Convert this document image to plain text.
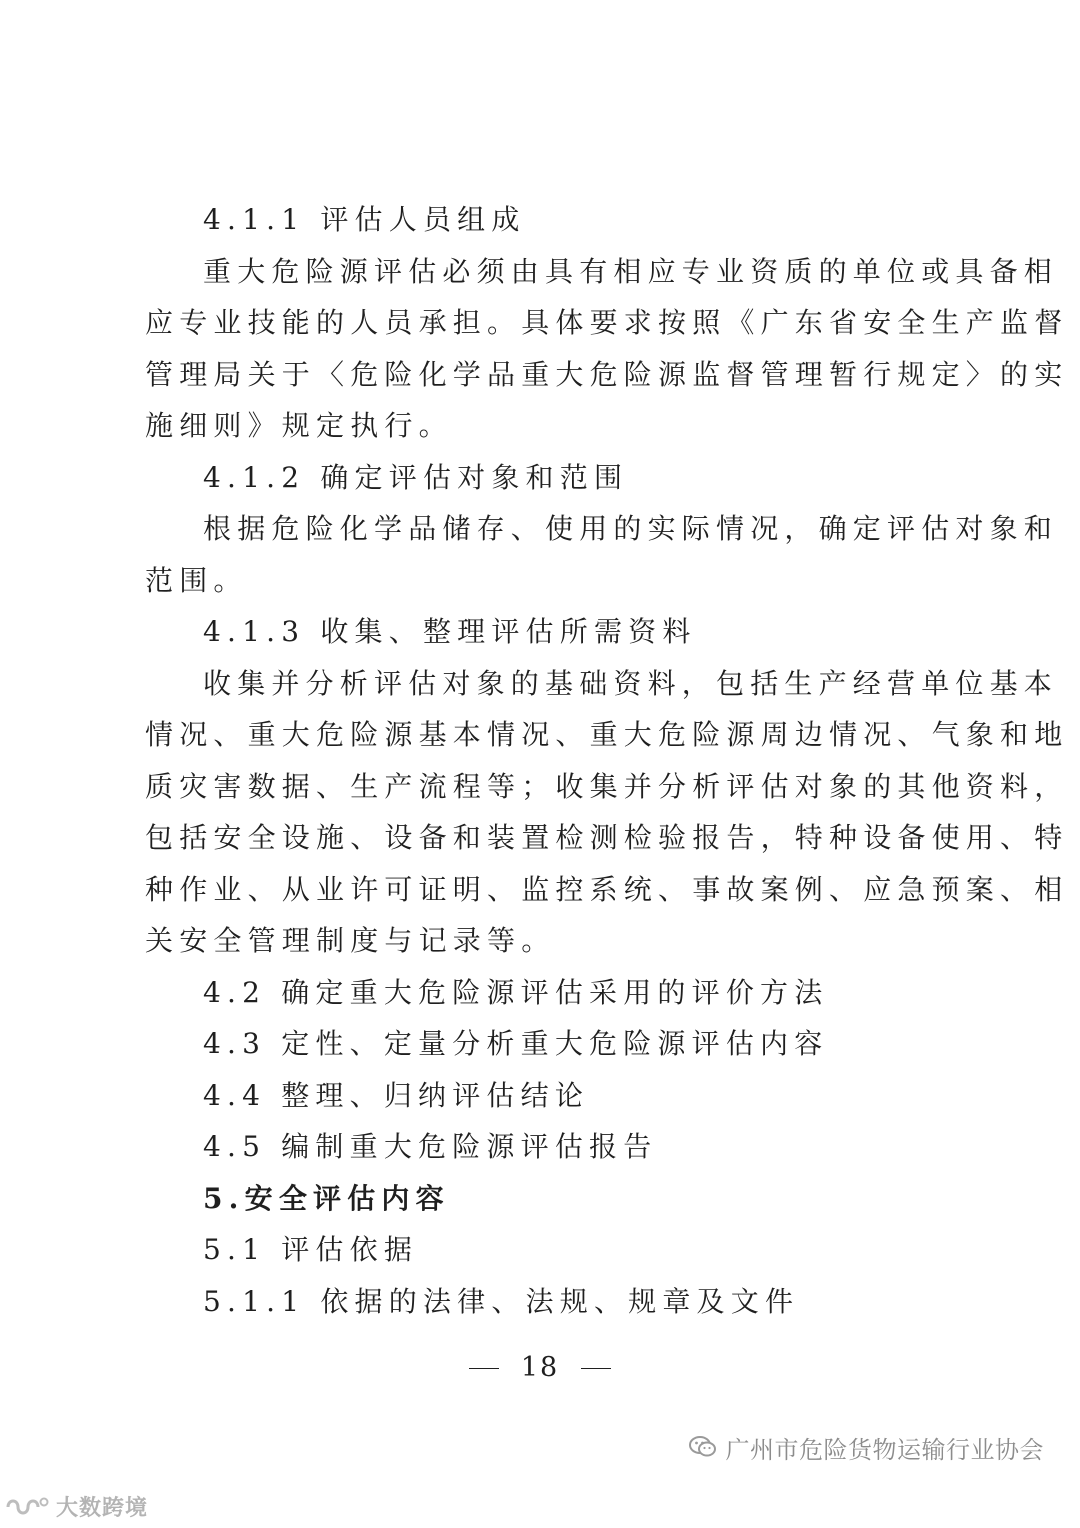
4.1.1 评估人员组成
重大危险源评估必须由具有相应专业资质的单位或具备相
应专业技能的人员承担。具体要求按照《广东省安全生产监督
管理局关于〈危险化学品重大危险源监督管理暂行规定〉的实
施细则》规定执行。
4.1.2 确定评估对象和范围
根据危险化学品储存、使用的实际情况，确定评估对象和
范围。
4.1.3 收集、整理评估所需资料
收集并分析评估对象的基础资料，包括生产经营单位基本
情况、重大危险源基本情况、重大危险源周边情况、气象和地
质灾害数据、生产流程等；收集并分析评估对象的其他资料，
包括安全设施、设备和装置检测检验报告，特种设备使用、特
种作业、从业许可证明、监控系统、事故案例、应急预案、相
关安全管理制度与记录等。
4.2 确定重大危险源评估采用的评价方法
4.3 定性、定量分析重大危险源评估内容
4.4 整理、归纳评估结论
4.5 编制重大危险源评估报告
5.安全评估内容
5.1 评估依据
5.1.1 依据的法律、法规、规章及文件
18
广州市危险货物运输行业协会
大数跨境
